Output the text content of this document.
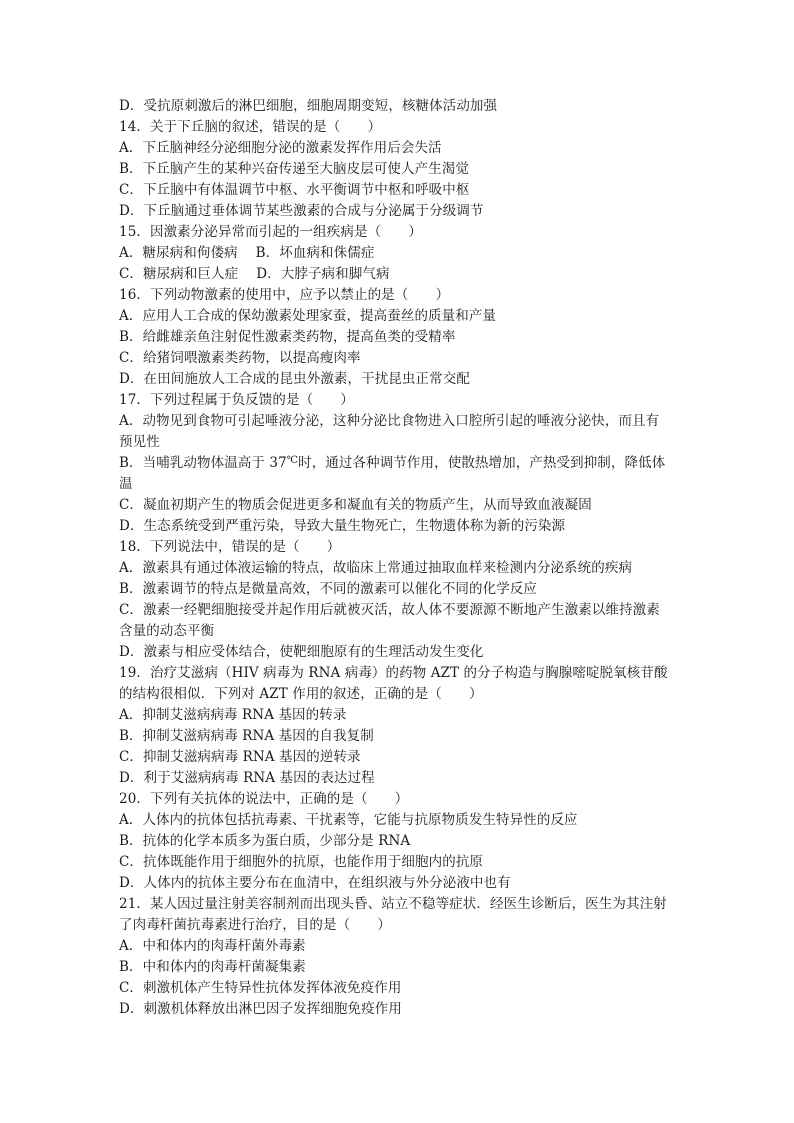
D．受抗原刺激后的淋巴细胞，细胞周期变短，核糖体活动加强
14．关于下丘脑的叙述，错误的是（　　）
A．下丘脑神经分泌细胞分泌的激素发挥作用后会失活
B．下丘脑产生的某种兴奋传递至大脑皮层可使人产生渴觉
C．下丘脑中有体温调节中枢、水平衡调节中枢和呼吸中枢
D．下丘脑通过垂体调节某些激素的合成与分泌属于分级调节
15．因激素分泌异常而引起的一组疾病是（　　）
A．糖尿病和佝偻病　 B．坏血病和侏儒症
C．糖尿病和巨人症　 D．大脖子病和脚气病
16．下列动物激素的使用中，应予以禁止的是（　　）
A．应用人工合成的保幼激素处理家蚕，提高蚕丝的质量和产量
B．给雌雄亲鱼注射促性激素类药物，提高鱼类的受精率
C．给猪饲喂激素类药物，以提高瘦肉率
D．在田间施放人工合成的昆虫外激素，干扰昆虫正常交配
17．下列过程属于负反馈的是（　　）
A．动物见到食物可引起唾液分泌，这种分泌比食物进入口腔所引起的唾液分泌快，而且有
预见性
B．当哺乳动物体温高于 37℃时，通过各种调节作用，使散热增加，产热受到抑制，降低体
温
C．凝血初期产生的物质会促进更多和凝血有关的物质产生，从而导致血液凝固
D．生态系统受到严重污染，导致大量生物死亡，生物遗体称为新的污染源
18．下列说法中，错误的是（　　）
A．激素具有通过体液运输的特点，故临床上常通过抽取血样来检测内分泌系统的疾病
B．激素调节的特点是微量高效，不同的激素可以催化不同的化学反应
C．激素一经靶细胞接受并起作用后就被灭活，故人体不要源源不断地产生激素以维持激素
含量的动态平衡
D．激素与相应受体结合，使靶细胞原有的生理活动发生变化
19．治疗艾滋病（HIV 病毒为 RNA 病毒）的药物 AZT 的分子构造与胸腺嘧啶脱氧核苷酸
的结构很相似．下列对 AZT 作用的叙述，正确的是（　　）
A．抑制艾滋病病毒 RNA 基因的转录
B．抑制艾滋病病毒 RNA 基因的自我复制
C．抑制艾滋病病毒 RNA 基因的逆转录
D．利于艾滋病病毒 RNA 基因的表达过程
20．下列有关抗体的说法中，正确的是（　　）
A．人体内的抗体包括抗毒素、干扰素等，它能与抗原物质发生特异性的反应
B．抗体的化学本质多为蛋白质，少部分是 RNA
C．抗体既能作用于细胞外的抗原，也能作用于细胞内的抗原
D．人体内的抗体主要分布在血清中，在组织液与外分泌液中也有
21．某人因过量注射美容制剂而出现头昏、站立不稳等症状．经医生诊断后，医生为其注射
了肉毒杆菌抗毒素进行治疗，目的是（　　）
A．中和体内的肉毒杆菌外毒素
B．中和体内的肉毒杆菌凝集素
C．刺激机体产生特异性抗体发挥体液免疫作用
D．刺激机体释放出淋巴因子发挥细胞免疫作用
